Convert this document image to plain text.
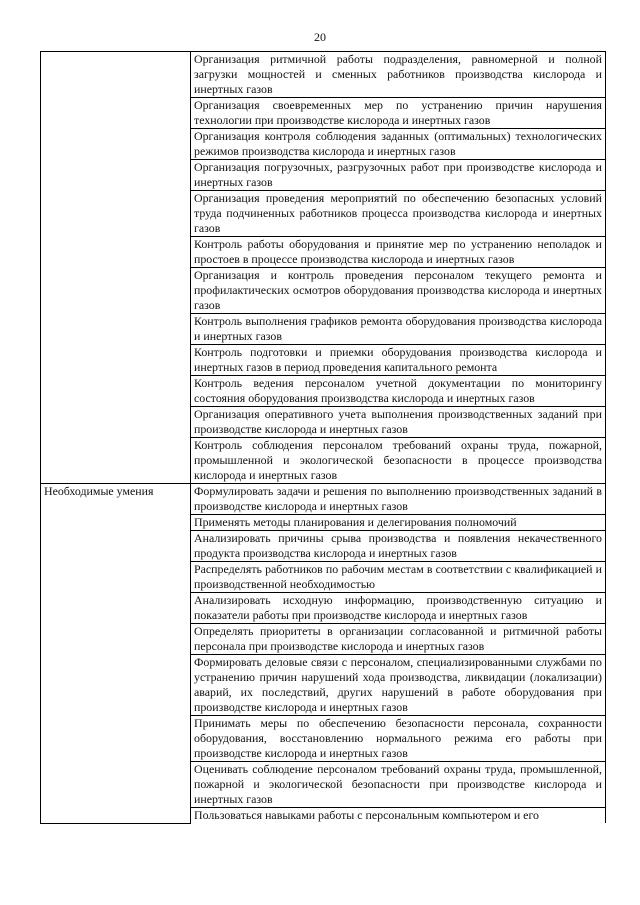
20
	Организация ритмичной работы подразделения, равномерной и полной загрузки мощностей и сменных работников производства кислорода и инертных газов
	Организация своевременных мер по устранению причин нарушения технологии при производстве кислорода и инертных газов
	Организация контроля соблюдения заданных (оптимальных) технологических режимов производства кислорода и инертных газов
	Организация погрузочных, разгрузочных работ при производстве кислорода и инертных газов
	Организация проведения мероприятий по обеспечению безопасных условий труда подчиненных работников процесса производства кислорода и инертных газов
	Контроль работы оборудования и принятие мер по устранению неполадок и простоев в процессе производства кислорода и инертных газов
	Организация и контроль проведения персоналом текущего ремонта и профилактических осмотров оборудования производства кислорода и инертных газов
	Контроль выполнения графиков ремонта оборудования производства кислорода и инертных газов
	Контроль подготовки и приемки оборудования производства кислорода и инертных газов в период проведения капитального ремонта
	Контроль ведения персоналом учетной документации по мониторингу состояния оборудования производства кислорода и инертных газов
	Организация оперативного учета выполнения производственных заданий при производстве кислорода и инертных газов
	Контроль соблюдения персоналом требований охраны труда, пожарной, промышленной и экологической безопасности в процессе производства кислорода и инертных газов
Необходимые умения	Формулировать задачи и решения по выполнению производственных заданий в производстве кислорода и инертных газов
	Применять методы планирования и делегирования полномочий
	Анализировать причины срыва производства и появления некачественного продукта производства кислорода и инертных газов
	Распределять работников по рабочим местам в соответствии с квалификацией и производственной необходимостью
	Анализировать исходную информацию, производственную ситуацию и показатели работы при производстве кислорода и инертных газов
	Определять приоритеты в организации согласованной и ритмичной работы персонала при производстве кислорода и инертных газов
	Формировать деловые связи с персоналом, специализированными службами по устранению причин нарушений хода производства, ликвидации (локализации) аварий, их последствий, других нарушений в работе оборудования при производстве кислорода и инертных газов
	Принимать меры по обеспечению безопасности персонала, сохранности оборудования, восстановлению нормального режима его работы при производстве кислорода и инертных газов
	Оценивать соблюдение персоналом требований охраны труда, промышленной, пожарной и экологической безопасности при производстве кислорода и инертных газов
	Пользоваться навыками работы с персональным компьютером и его
